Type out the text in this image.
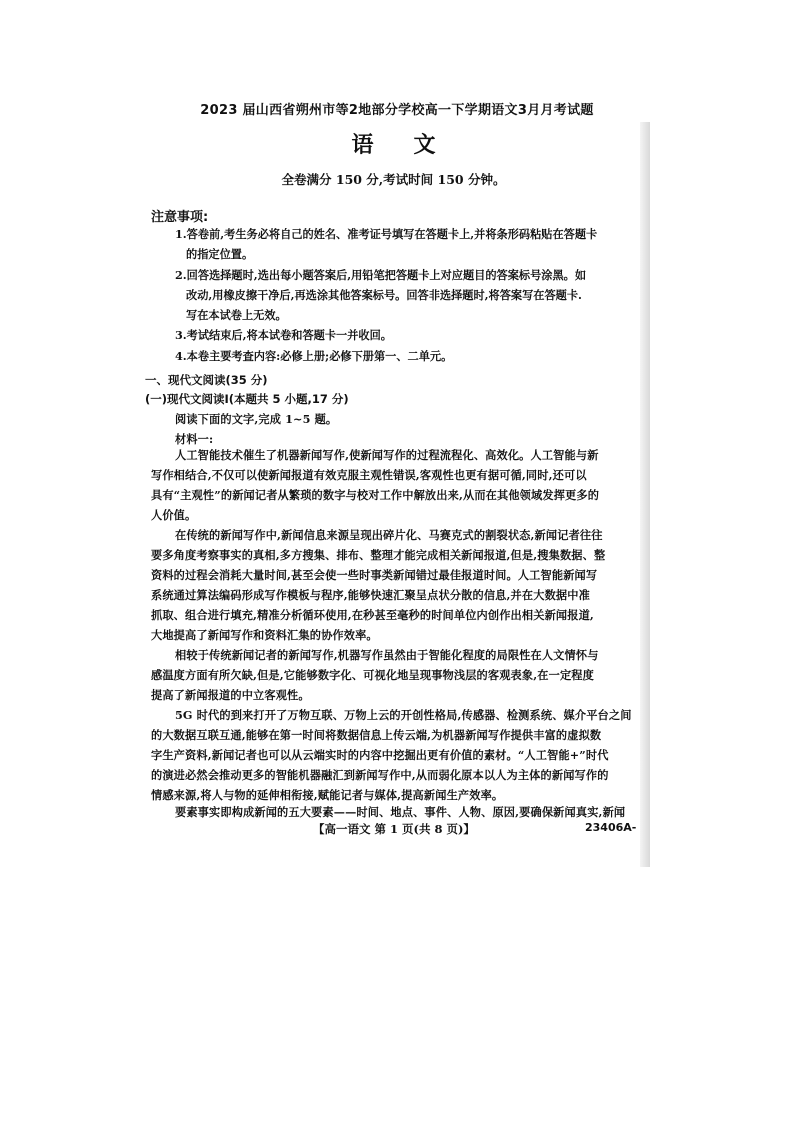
2023 届山西省朔州市等2地部分学校高一下学期语文3月月考试题
语 文
全卷满分 150 分,考试时间 150 分钟。
注意事项:
1.答卷前,考生务必将自己的姓名、准考证号填写在答题卡上,并将条形码粘贴在答题卡
的指定位置。
2.回答选择题时,选出每小题答案后,用铅笔把答题卡上对应题目的答案标号涂黑。如
改动,用橡皮擦干净后,再选涂其他答案标号。回答非选择题时,将答案写在答题卡.
写在本试卷上无效。
3.考试结束后,将本试卷和答题卡一并收回。
4.本卷主要考查内容:必修上册;必修下册第一、二单元。
一、现代文阅读(35 分)
(一)现代文阅读Ⅰ(本题共 5 小题,17 分)
阅读下面的文字,完成 1~5 题。
材料一:
人工智能技术催生了机器新闻写作,使新闻写作的过程流程化、高效化。人工智能与新
写作相结合,不仅可以使新闻报道有效克服主观性错误,客观性也更有据可循,同时,还可以
具有“主观性”的新闻记者从繁琐的数字与校对工作中解放出来,从而在其他领域发挥更多的
人价值。
在传统的新闻写作中,新闻信息来源呈现出碎片化、马赛克式的割裂状态,新闻记者往往
要多角度考察事实的真相,多方搜集、排布、整理才能完成相关新闻报道,但是,搜集数据、整
资料的过程会消耗大量时间,甚至会使一些时事类新闻错过最佳报道时间。人工智能新闻写
系统通过算法编码形成写作模板与程序,能够快速汇聚呈点状分散的信息,并在大数据中准
抓取、组合进行填充,精准分析循环使用,在秒甚至毫秒的时间单位内创作出相关新闻报道,
大地提高了新闻写作和资料汇集的协作效率。
相较于传统新闻记者的新闻写作,机器写作虽然由于智能化程度的局限性在人文情怀与
感温度方面有所欠缺,但是,它能够数字化、可视化地呈现事物浅层的客观表象,在一定程度
提高了新闻报道的中立客观性。
5G 时代的到来打开了万物互联、万物上云的开创性格局,传感器、检测系统、媒介平台之间
的大数据互联互通,能够在第一时间将数据信息上传云端,为机器新闻写作提供丰富的虚拟数
字生产资料,新闻记者也可以从云端实时的内容中挖掘出更有价值的素材。“人工智能+”时代
的演进必然会推动更多的智能机器融汇到新闻写作中,从而弱化原本以人为主体的新闻写作的
情感来源,将人与物的延伸相衔接,赋能记者与媒体,提高新闻生产效率。
要素事实即构成新闻的五大要素——时间、地点、事件、人物、原因,要确保新闻真实,新闻
【高一语文 第 1 页(共 8 页)】	23406A-
